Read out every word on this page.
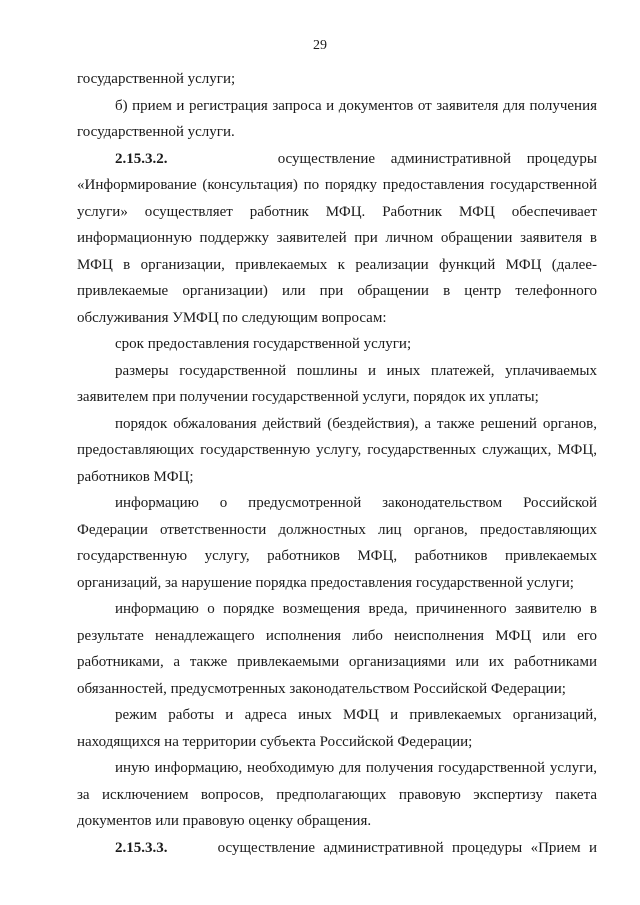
29

государственной услуги;

б) прием и регистрация запроса и документов от заявителя для получения государственной услуги.

2.15.3.2.	осуществление административной процедуры «Информирование (консультация) по порядку предоставления государственной услуги» осуществляет работник МФЦ. Работник МФЦ обеспечивает информационную поддержку заявителей при личном обращении заявителя в МФЦ в организации, привлекаемых к реализации функций МФЦ (далее-привлекаемые организации) или при обращении в центр телефонного обслуживания УМФЦ по следующим вопросам:

срок предоставления государственной услуги;

размеры государственной пошлины и иных платежей, уплачиваемых заявителем при получении государственной услуги, порядок их уплаты;

порядок обжалования действий (бездействия), а также решений органов, предоставляющих государственную услугу, государственных служащих, МФЦ, работников МФЦ;

информацию о предусмотренной законодательством Российской Федерации ответственности должностных лиц органов, предоставляющих государственную услугу, работников МФЦ, работников привлекаемых организаций, за нарушение порядка предоставления государственной услуги;

информацию о порядке возмещения вреда, причиненного заявителю в результате ненадлежащего исполнения либо неисполнения МФЦ или его работниками, а также привлекаемыми организациями или их работниками обязанностей, предусмотренных законодательством Российской Федерации;

режим работы и адреса иных МФЦ и привлекаемых организаций, находящихся на территории субъекта Российской Федерации;

иную информацию, необходимую для получения государственной услуги, за исключением вопросов, предполагающих правовую экспертизу пакета документов или правовую оценку обращения.

2.15.3.3.	осуществление административной процедуры «Прием и
